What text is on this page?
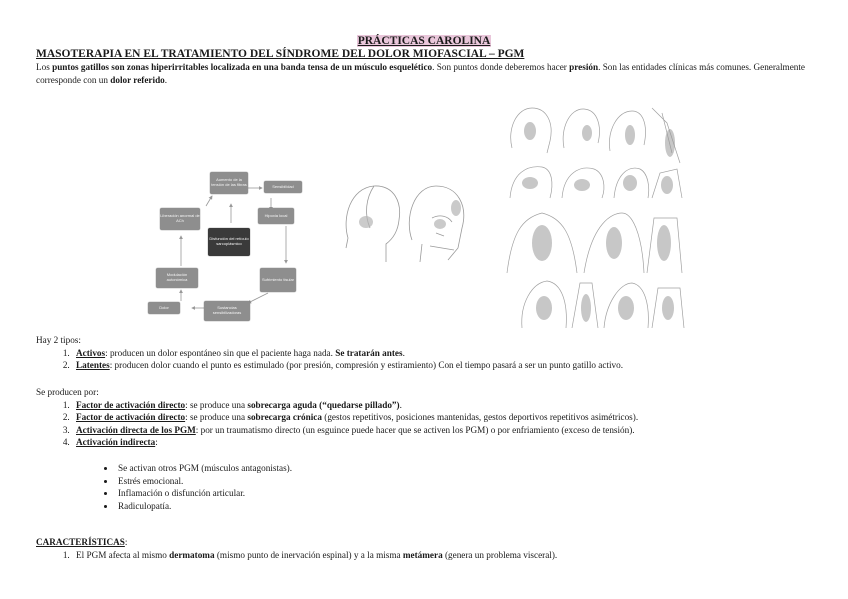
PRÁCTICAS CAROLINA
MASOTERAPIA EN EL TRATAMIENTO DEL SÍNDROME DEL DOLOR MIOFASCIAL – PGM
Los puntos gatillos son zonas hiperirritables localizada en una banda tensa de un músculo esquelético. Son puntos donde deberemos hacer presión. Son las entidades clínicas más comunes. Generalmente corresponde con un dolor referido.
Aumento de la tensión de las fibras	Sensibilidad
Hipoxia local
Disfunción del retículo sarcoplásmico
Liberación anormal de ACh
Sufrimiento tisular
Modulación autonómica
Sustancias sensibilizadoras
Dolor
Hay 2 tipos:
1. Activos: producen un dolor espontáneo sin que el paciente haga nada. Se tratarán antes.
2. Latentes: producen dolor cuando el punto es estimulado (por presión, compresión y estiramiento) Con el tiempo pasará a ser un punto gatillo activo.
Se producen por:
1. Factor de activación directo: se produce una sobrecarga aguda (“quedarse pillado”).
2. Factor de activación directo: se produce una sobrecarga crónica (gestos repetitivos, posiciones mantenidas, gestos deportivos repetitivos asimétricos).
3. Activación directa de los PGM: por un traumatismo directo (un esguince puede hacer que se activen los PGM) o por enfriamiento (exceso de tensión).
4. Activación indirecta:
• Se activan otros PGM (músculos antagonistas).
• Estrés emocional.
• Inflamación o disfunción articular.
• Radiculopatía.
CARACTERÍSTICAS:
1. El PGM afecta al mismo dermatoma (mismo punto de inervación espinal) y a la misma metámera (genera un problema visceral).
